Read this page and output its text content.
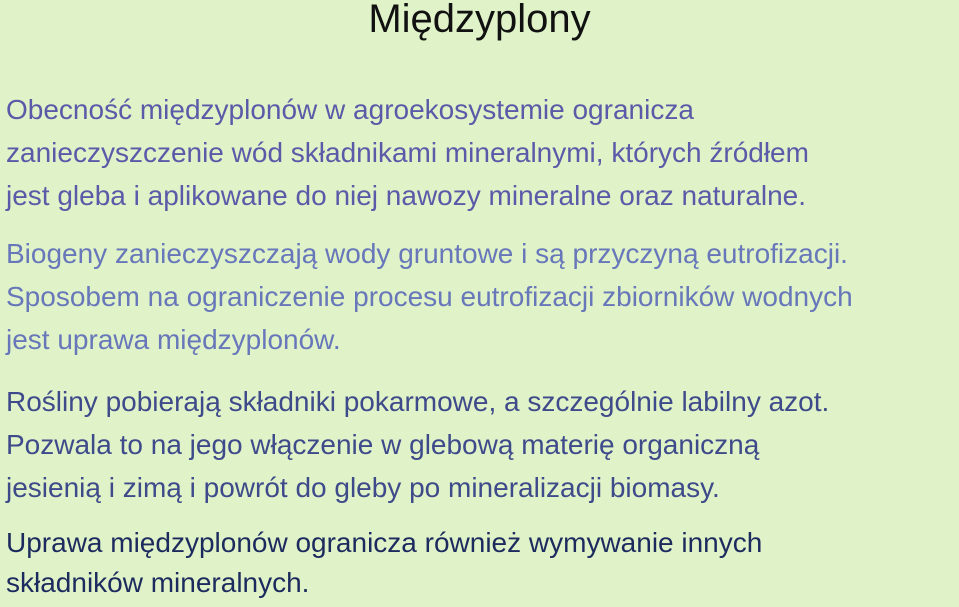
Międzyplony

Obecność międzyplonów w agroekosystemie ogranicza
zanieczyszczenie wód składnikami mineralnymi, których źródłem
jest gleba i aplikowane do niej nawozy mineralne oraz naturalne.

Biogeny zanieczyszczają wody gruntowe i są przyczyną eutrofizacji.
Sposobem na ograniczenie procesu eutrofizacji zbiorników wodnych
jest uprawa międzyplonów.

Rośliny pobierają składniki pokarmowe, a szczególnie labilny azot.
Pozwala to na jego włączenie w glebową materię organiczną
jesienią i zimą i powrót do gleby po mineralizacji biomasy.

Uprawa międzyplonów ogranicza również wymywanie innych
składników mineralnych.
